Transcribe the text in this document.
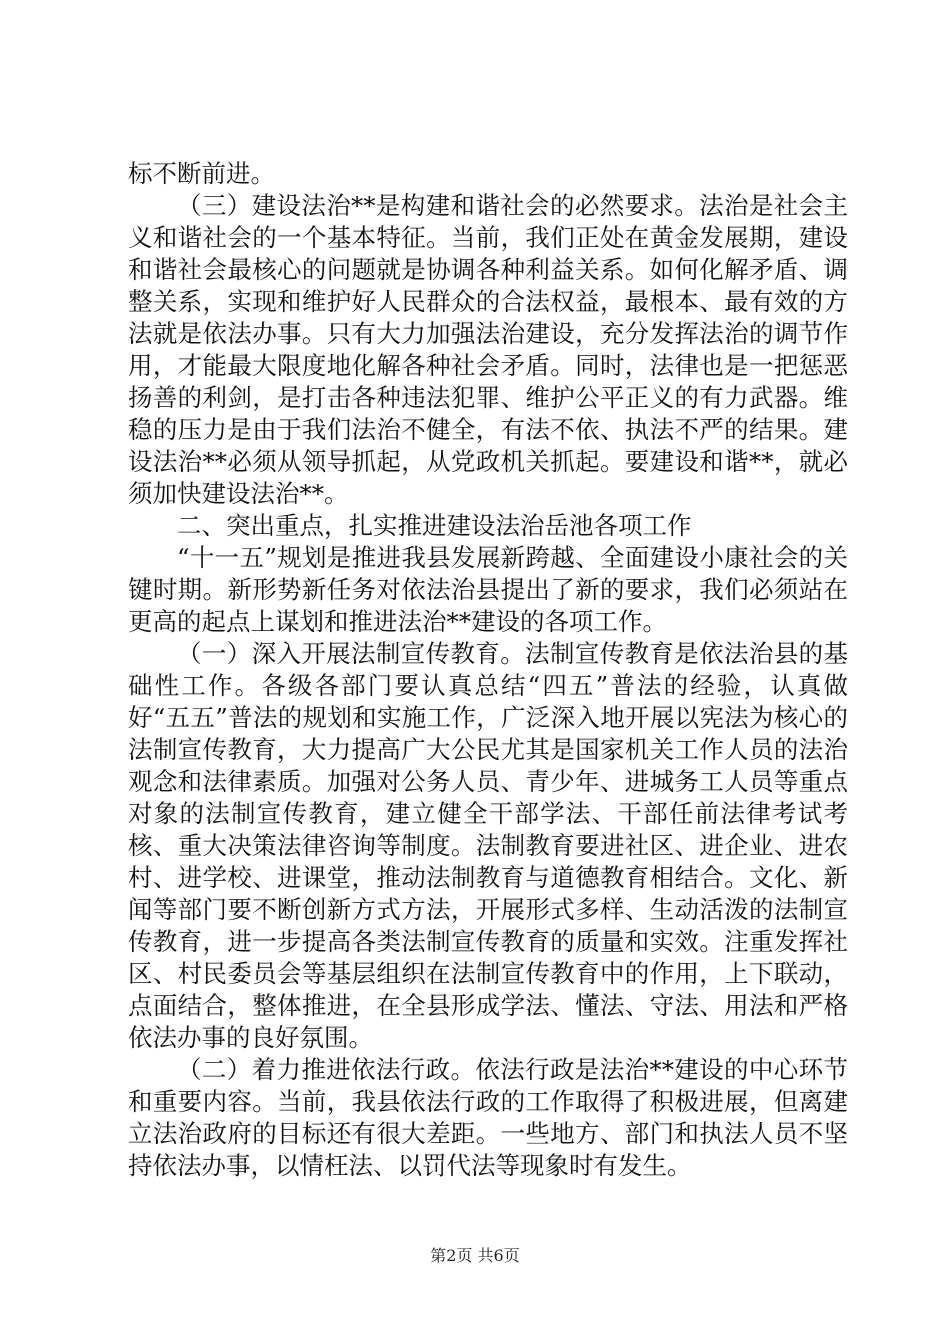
标不断前进。

（三）建设法治**是构建和谐社会的必然要求。法治是社会主义和谐社会的一个基本特征。当前，我们正处在黄金发展期，建设和谐社会最核心的问题就是协调各种利益关系。如何化解矛盾、调整关系，实现和维护好人民群众的合法权益，最根本、最有效的方法就是依法办事。只有大力加强法治建设，充分发挥法治的调节作用，才能最大限度地化解各种社会矛盾。同时，法律也是一把惩恶扬善的利剑，是打击各种违法犯罪、维护公平正义的有力武器。维稳的压力是由于我们法治不健全，有法不依、执法不严的结果。建设法治**必须从领导抓起，从党政机关抓起。要建设和谐**，就必须加快建设法治**。

二、突出重点，扎实推进建设法治岳池各项工作

“十一五”规划是推进我县发展新跨越、全面建设小康社会的关键时期。新形势新任务对依法治县提出了新的要求，我们必须站在更高的起点上谋划和推进法治**建设的各项工作。

（一）深入开展法制宣传教育。法制宣传教育是依法治县的基础性工作。各级各部门要认真总结“四五”普法的经验，认真做好“五五”普法的规划和实施工作，广泛深入地开展以宪法为核心的法制宣传教育，大力提高广大公民尤其是国家机关工作人员的法治观念和法律素质。加强对公务人员、青少年、进城务工人员等重点对象的法制宣传教育，建立健全干部学法、干部任前法律考试考核、重大决策法律咨询等制度。法制教育要进社区、进企业、进农村、进学校、进课堂，推动法制教育与道德教育相结合。文化、新闻等部门要不断创新方式方法，开展形式多样、生动活泼的法制宣传教育，进一步提高各类法制宣传教育的质量和实效。注重发挥社区、村民委员会等基层组织在法制宣传教育中的作用，上下联动，点面结合，整体推进，在全县形成学法、懂法、守法、用法和严格依法办事的良好氛围。

（二）着力推进依法行政。依法行政是法治**建设的中心环节和重要内容。当前，我县依法行政的工作取得了积极进展，但离建立法治政府的目标还有很大差距。一些地方、部门和执法人员不坚持依法办事，以情枉法、以罚代法等现象时有发生。

第2页 共6页
